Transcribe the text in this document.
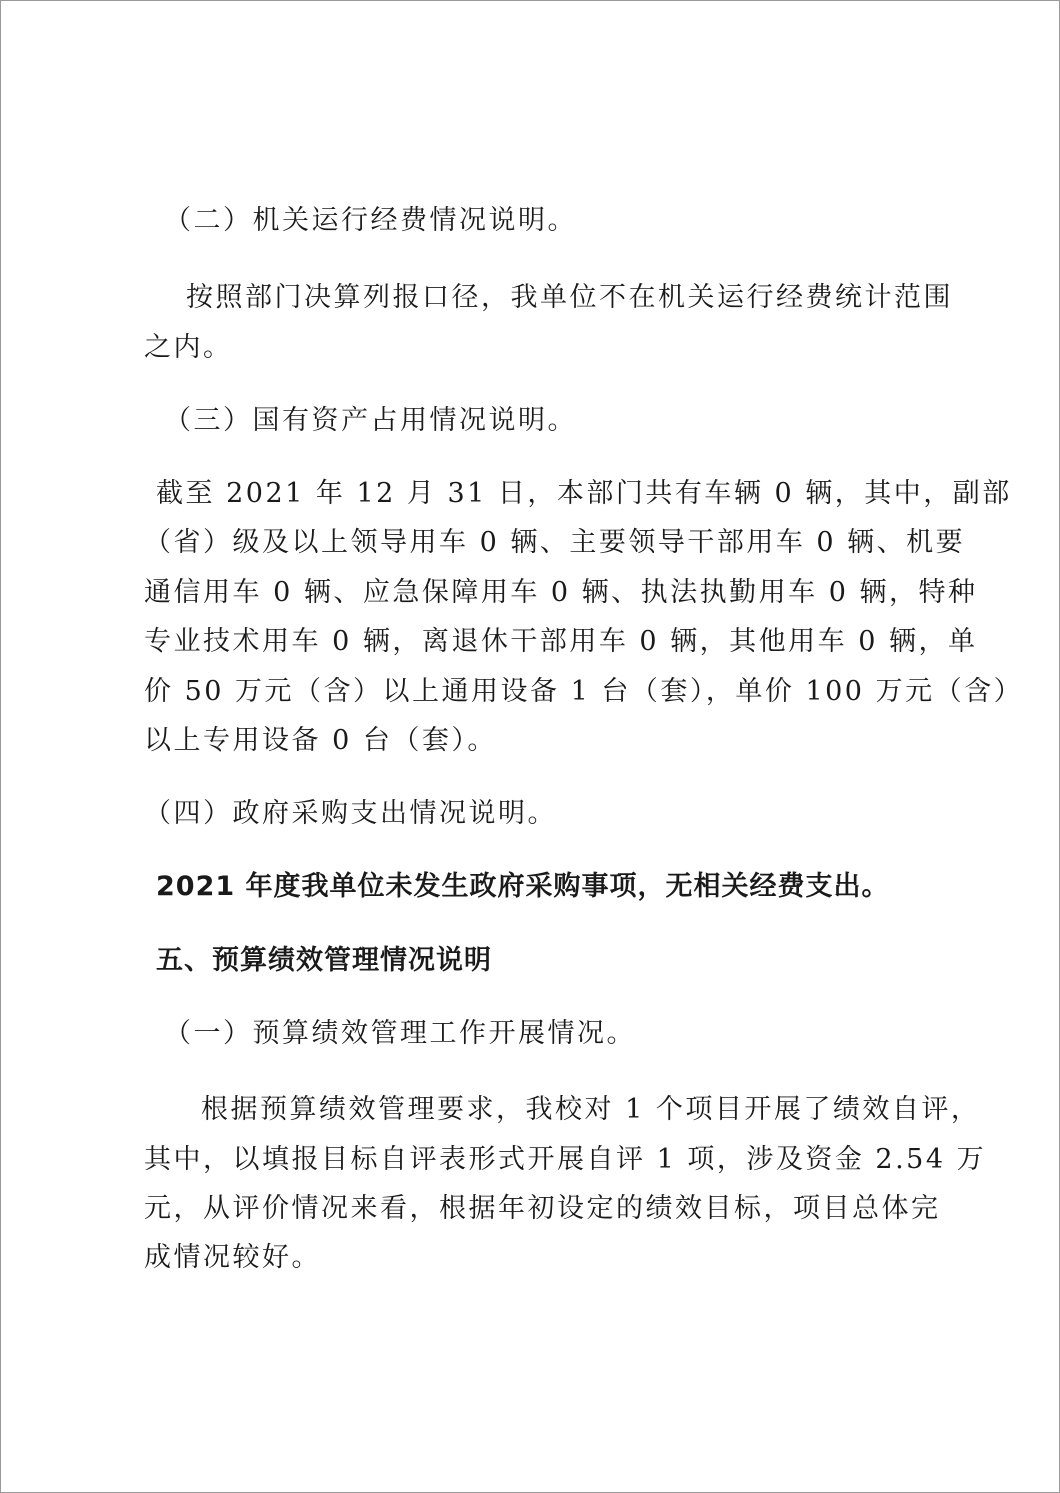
（二）机关运行经费情况说明。

按照部门决算列报口径，我单位不在机关运行经费统计范围

之内。

（三）国有资产占用情况说明。

截至 2021 年 12 月 31 日，本部门共有车辆 0 辆，其中，副部

（省）级及以上领导用车 0 辆、主要领导干部用车 0 辆、机要

通信用车 0 辆、应急保障用车 0 辆、执法执勤用车 0 辆，特种

专业技术用车 0 辆，离退休干部用车 0 辆，其他用车 0 辆，单

价 50 万元（含）以上通用设备 1 台（套），单价 100 万元（含）

以上专用设备 0 台（套）。

（四）政府采购支出情况说明。

2021 年度我单位未发生政府采购事项，无相关经费支出。

五、预算绩效管理情况说明

（一）预算绩效管理工作开展情况。

根据预算绩效管理要求，我校对 1 个项目开展了绩效自评，

其中，以填报目标自评表形式开展自评 1 项，涉及资金 2.54 万

元，从评价情况来看，根据年初设定的绩效目标，项目总体完

成情况较好。
